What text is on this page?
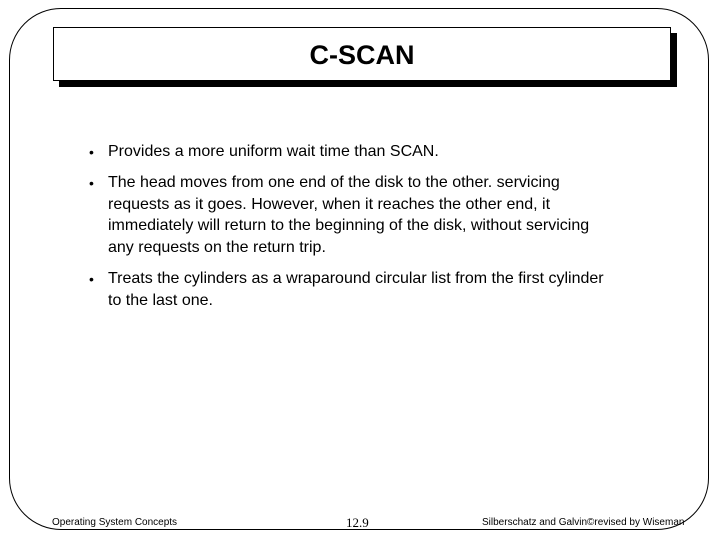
C-SCAN
• Provides a more uniform wait time than SCAN.
• The head moves from one end of the disk to the other. servicing requests as it goes. However, when it reaches the other end, it immediately will return to the beginning of the disk, without servicing any requests on the return trip.
• Treats the cylinders as a wraparound circular list from the first cylinder to the last one.
Operating System Concepts	12.9	Silberschatz and Galvin©revised by Wiseman
